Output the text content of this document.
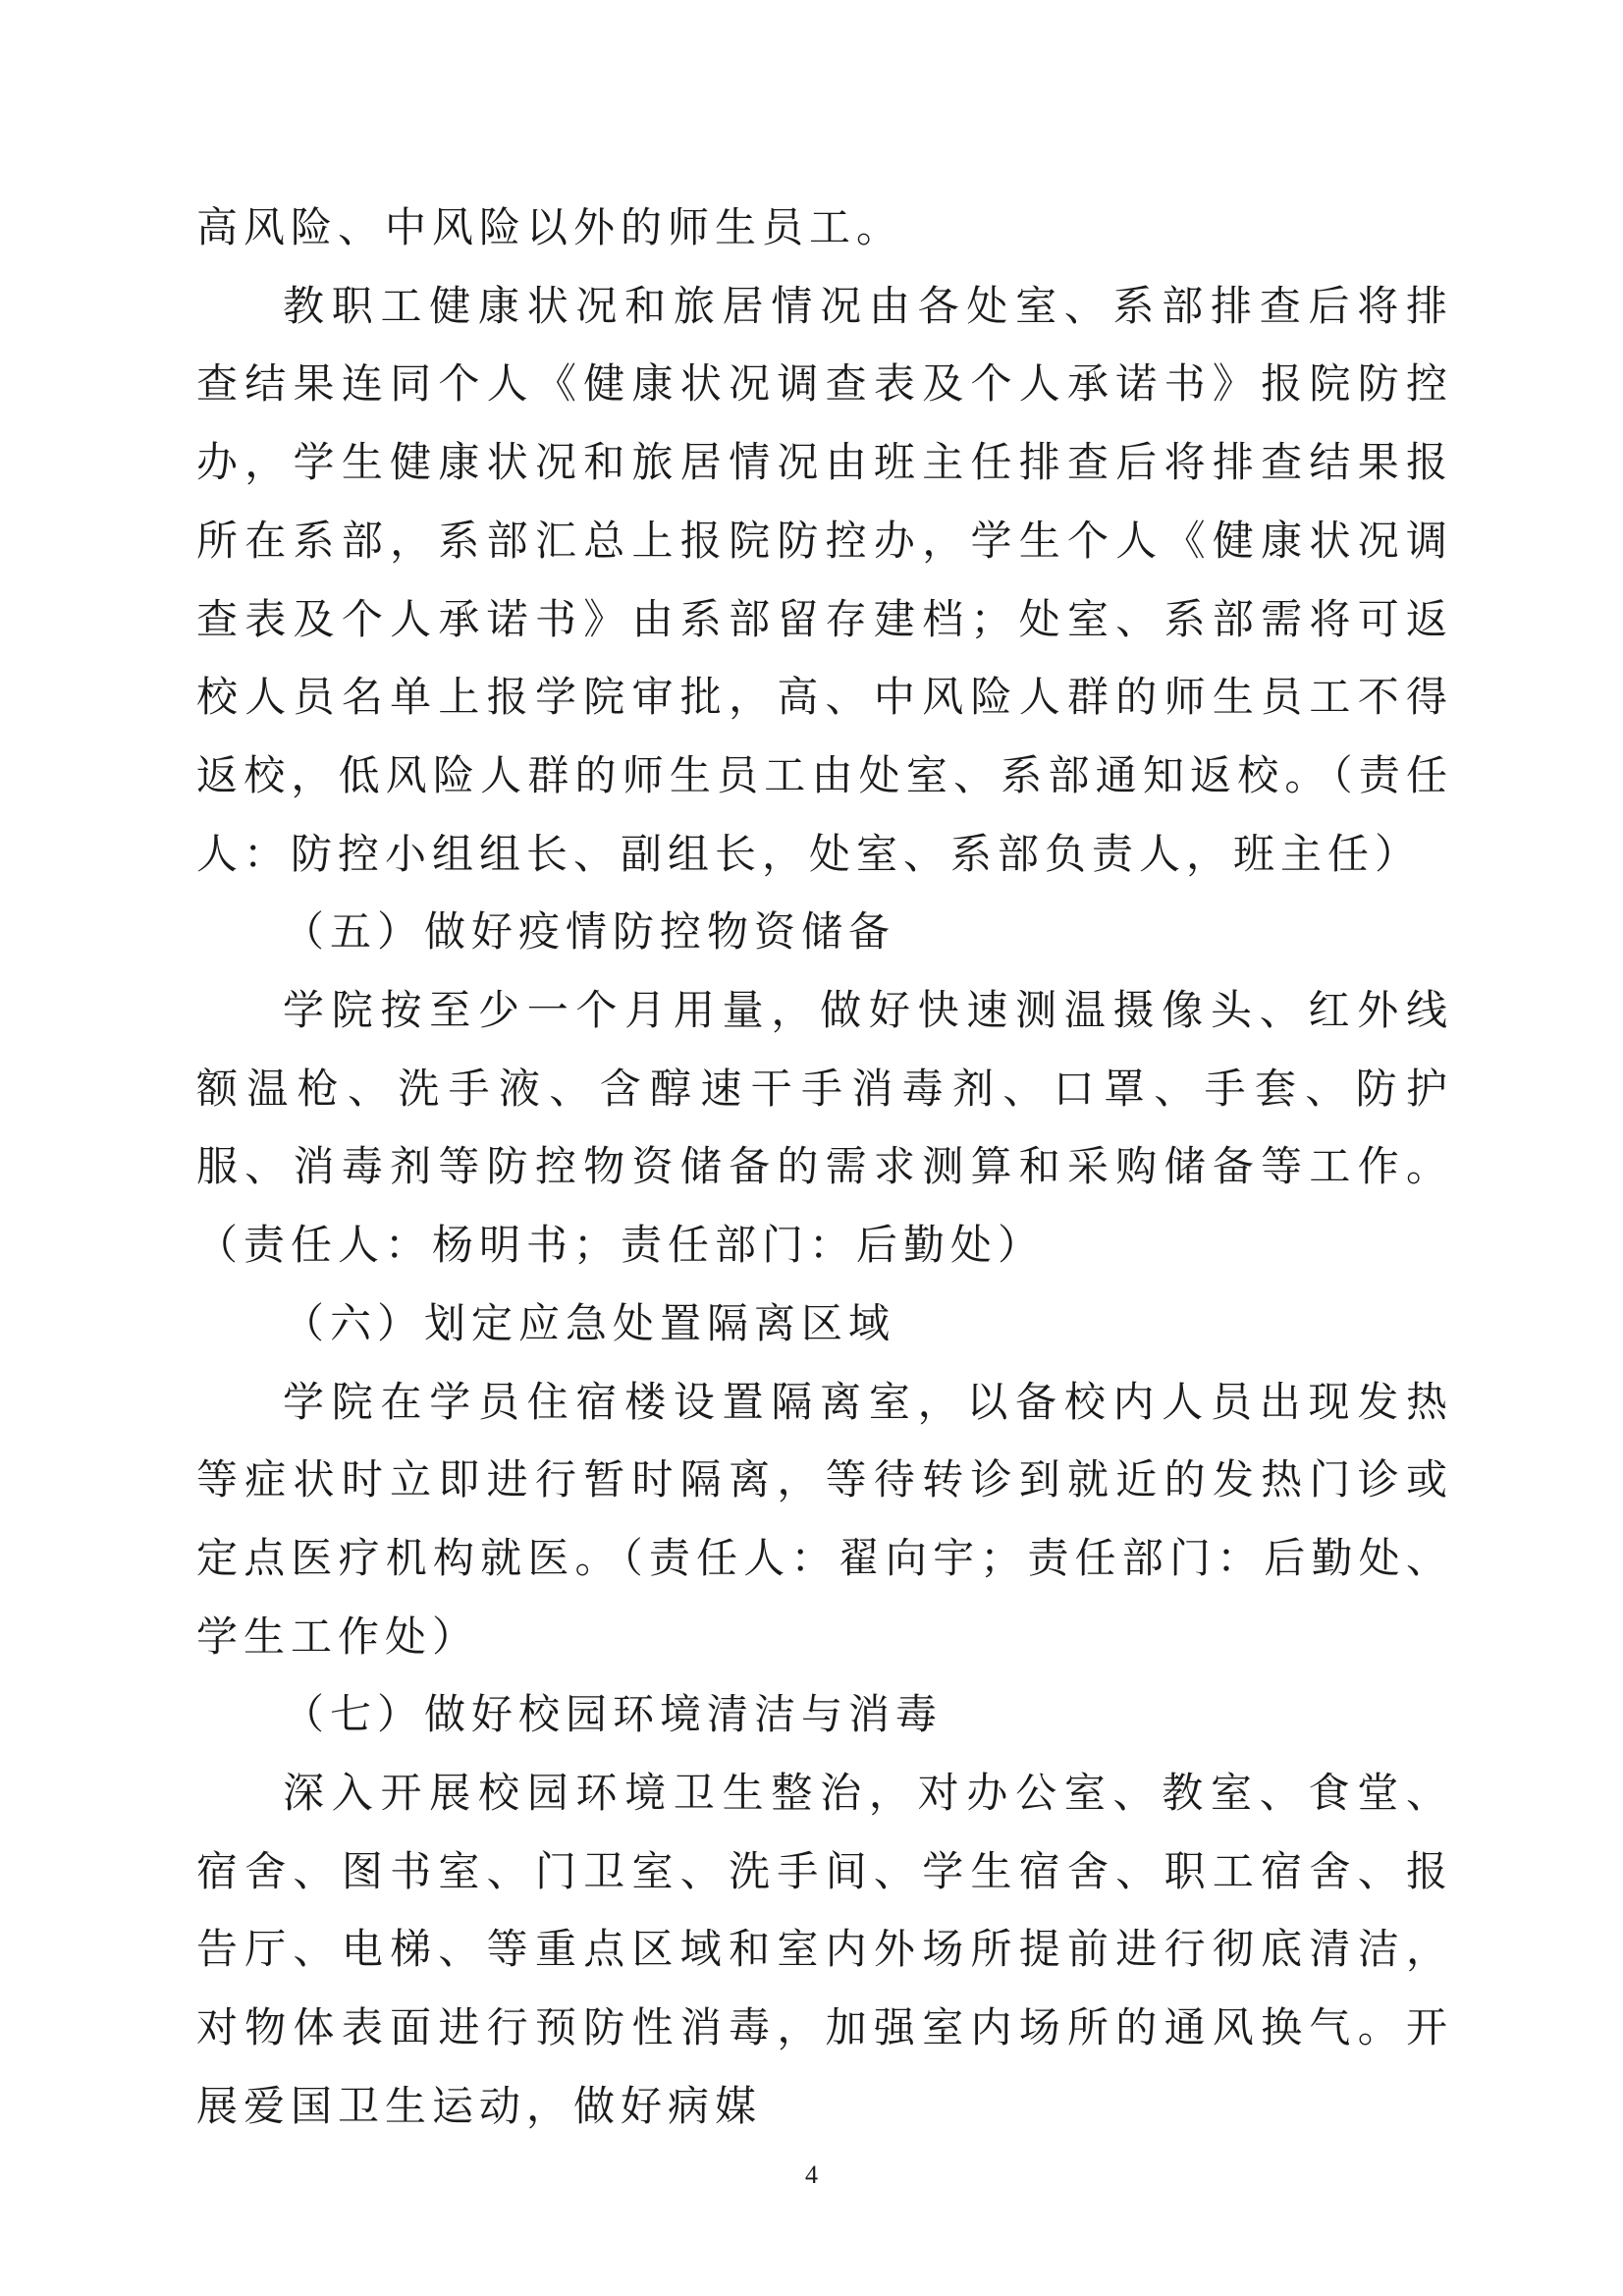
高风险、中风险以外的师生员工。

教职工健康状况和旅居情况由各处室、系部排查后将排查结果连同个人《健康状况调查表及个人承诺书》报院防控办，学生健康状况和旅居情况由班主任排查后将排查结果报所在系部，系部汇总上报院防控办，学生个人《健康状况调查表及个人承诺书》由系部留存建档；处室、系部需将可返校人员名单上报学院审批，高、中风险人群的师生员工不得返校，低风险人群的师生员工由处室、系部通知返校。（责任人：防控小组组长、副组长，处室、系部负责人，班主任）

（五）做好疫情防控物资储备

学院按至少一个月用量，做好快速测温摄像头、红外线额温枪、洗手液、含醇速干手消毒剂、口罩、手套、防护服、消毒剂等防控物资储备的需求测算和采购储备等工作。（责任人：杨明书；责任部门：后勤处）

（六）划定应急处置隔离区域

学院在学员住宿楼设置隔离室，以备校内人员出现发热等症状时立即进行暂时隔离，等待转诊到就近的发热门诊或定点医疗机构就医。（责任人：翟向宇；责任部门：后勤处、学生工作处）

（七）做好校园环境清洁与消毒

深入开展校园环境卫生整治，对办公室、教室、食堂、宿舍、图书室、门卫室、洗手间、学生宿舍、职工宿舍、报告厅、电梯、等重点区域和室内外场所提前进行彻底清洁，对物体表面进行预防性消毒，加强室内场所的通风换气。开展爱国卫生运动，做好病媒

4
